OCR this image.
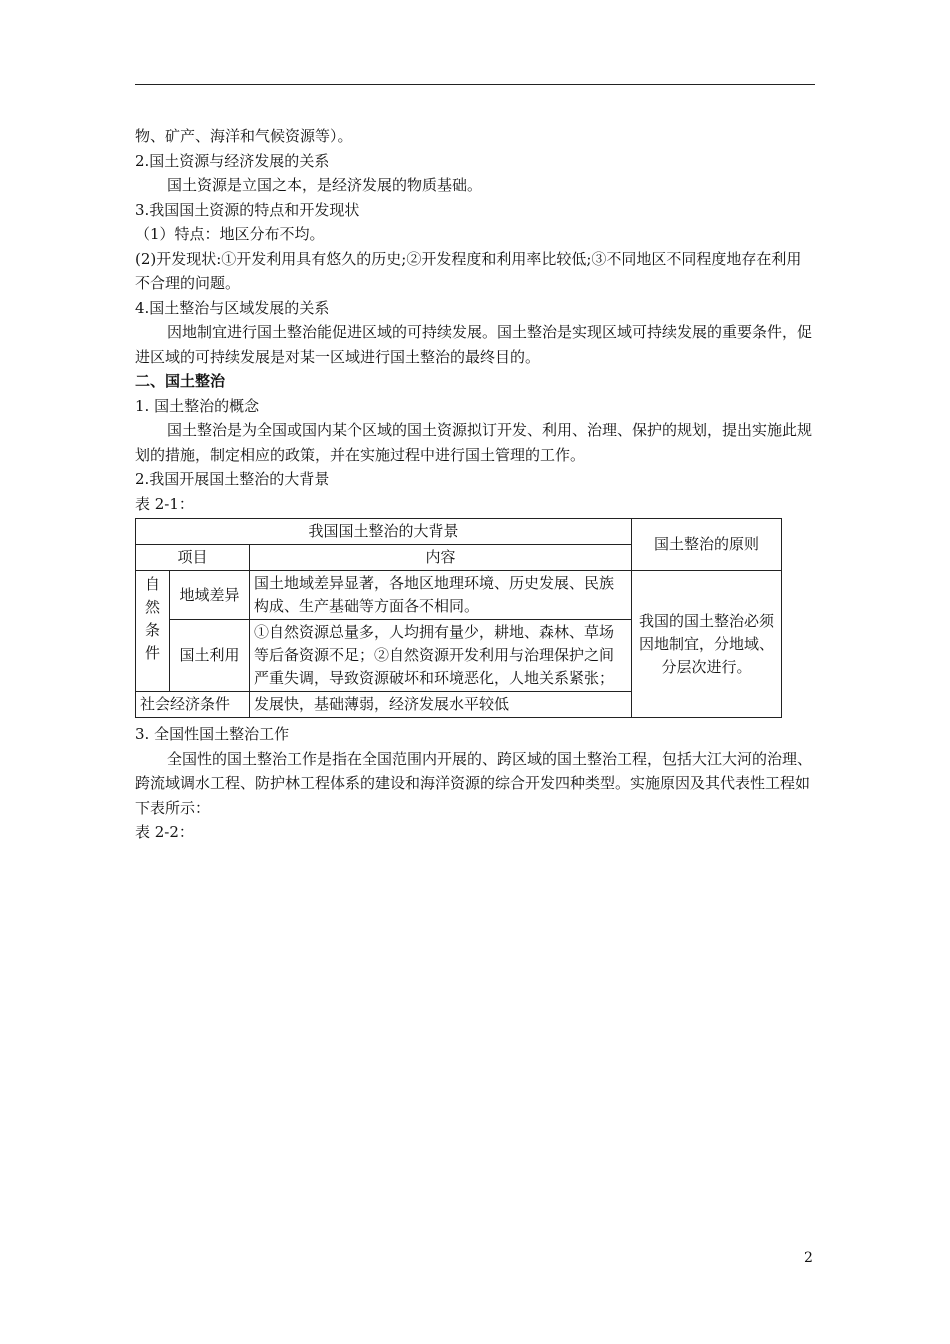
物、矿产、海洋和气候资源等）。

2.国土资源与经济发展的关系

国土资源是立国之本，是经济发展的物质基础。

3.我国国土资源的特点和开发现状

（1）特点：地区分布不均。

(2)开发现状:①开发利用具有悠久的历史;②开发程度和利用率比较低;③不同地区不同程度地存在利用不合理的问题。

4.国土整治与区域发展的关系

因地制宜进行国土整治能促进区域的可持续发展。国土整治是实现区域可持续发展的重要条件，促进区域的可持续发展是对某一区域进行国土整治的最终目的。

二、国土整治

1. 国土整治的概念

国土整治是为全国或国内某个区域的国土资源拟订开发、利用、治理、保护的规划，提出实施此规划的措施，制定相应的政策，并在实施过程中进行国土管理的工作。

2.我国开展国土整治的大背景

表 2-1：

我国国土整治的大背景			国土整治的原则
项目		内容	
自然条件	地域差异	国土地域差异显著，各地区地理环境、历史发展、民族构成、生产基础等方面各不相同。	我国的国土整治必须因地制宜，分地域、分层次进行。
	国土利用	①自然资源总量多，人均拥有量少，耕地、森林、草场等后备资源不足；②自然资源开发利用与治理保护之间严重失调，导致资源破坏和环境恶化，人地关系紧张；	
社会经济条件		发展快，基础薄弱，经济发展水平较低	

3. 全国性国土整治工作

全国性的国土整治工作是指在全国范围内开展的、跨区域的国土整治工程，包括大江大河的治理、跨流域调水工程、防护林工程体系的建设和海洋资源的综合开发四种类型。实施原因及其代表性工程如下表所示：

表 2-2：

2
